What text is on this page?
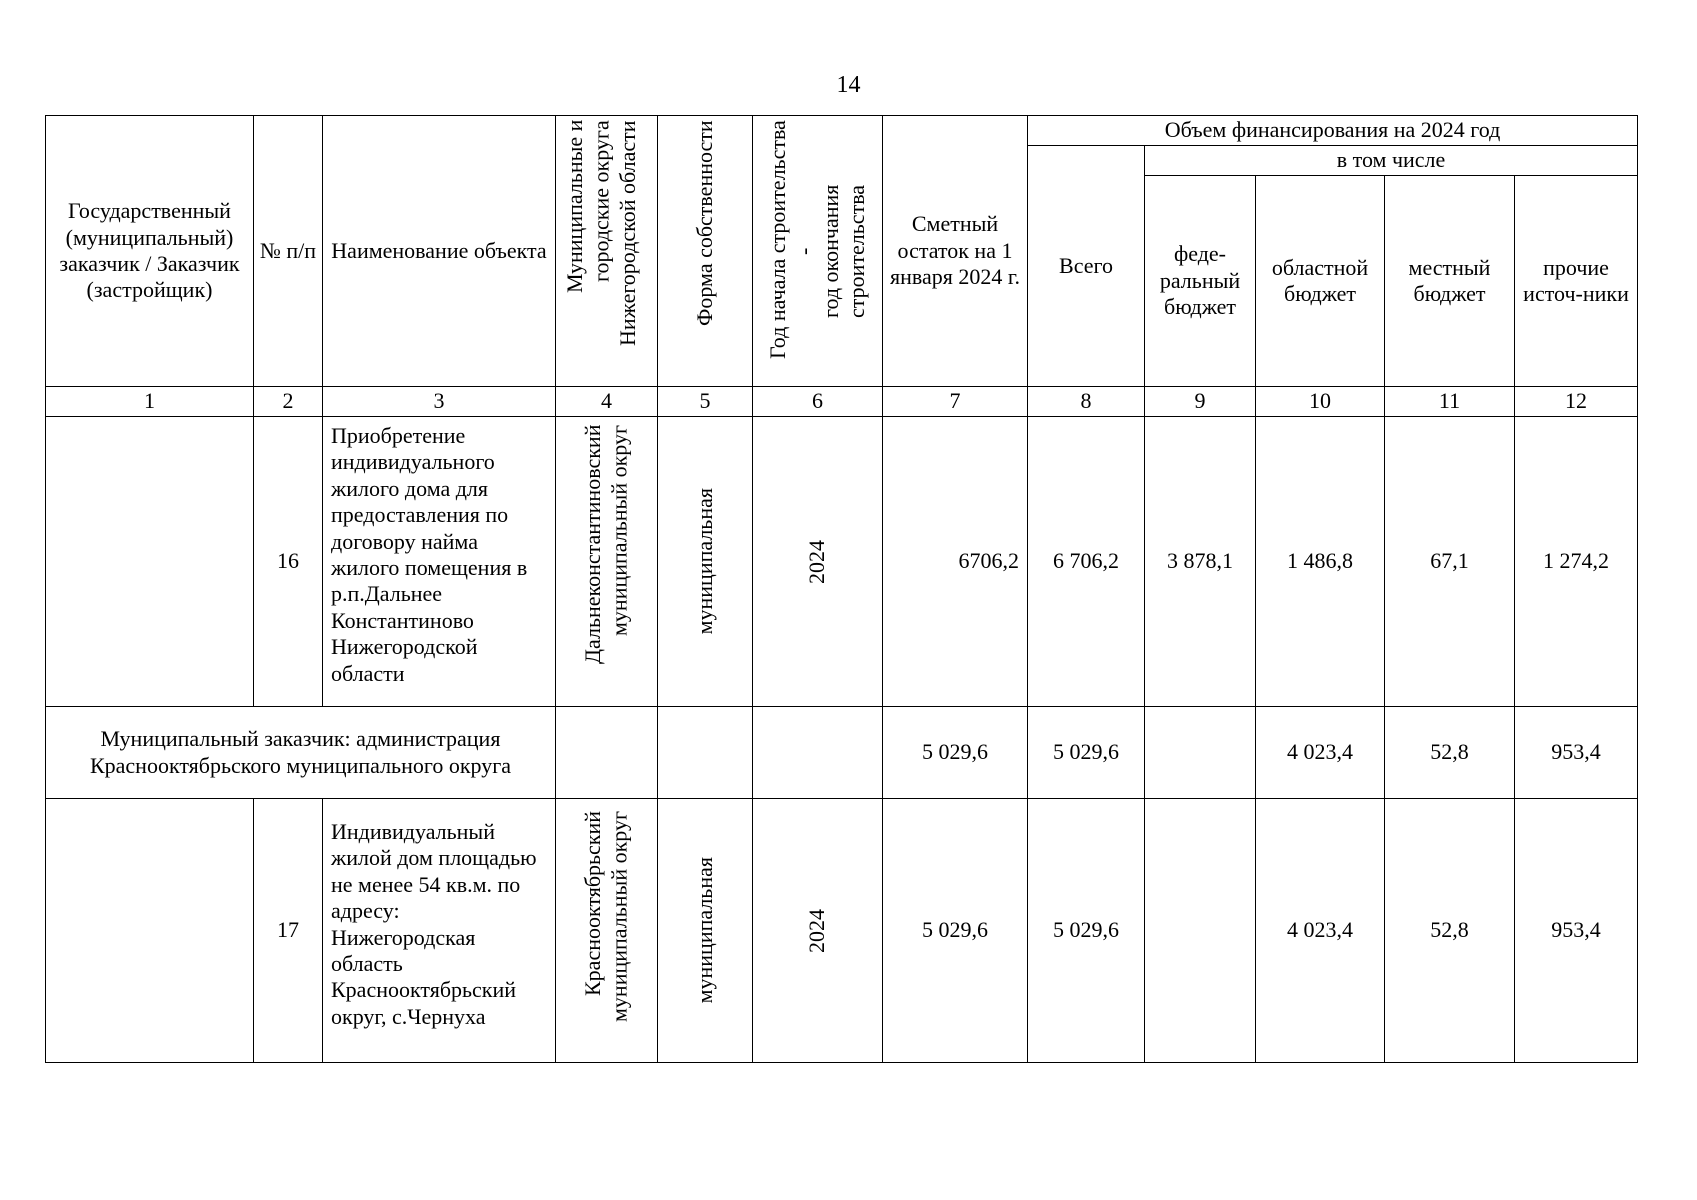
14
Государственный (муниципальный) заказчик / Заказчик (застройщик)	№ п/п	Наименование объекта	Муниципальные и городские округа Нижегородской области	Форма собственности	Год начала строительства - год окончания строительства	Сметный остаток на 1 января 2024 г.	Объем финансирования на 2024 год				
							Всего	в том числе			
								феде-ральный бюджет	областной бюджет	местный бюджет	прочие источ-ники
1	2	3	4	5	6	7	8	9	10	11	12
	16	Приобретение индивидуального жилого дома для предоставления по договору найма жилого помещения в р.п.Дальнее Константиново Нижегородской области	Дальнеконстантиновский муниципальный округ	муниципальная	2024	6706,2	6 706,2	3 878,1	1 486,8	67,1	1 274,2
Муниципальный заказчик: администрация Краснооктябрьского муниципального округа						5 029,6	5 029,6		4 023,4	52,8	953,4
	17	Индивидуальный жилой дом площадью не менее 54 кв.м. по адресу: Нижегородская область Краснооктябрьский округ, с.Чернуха	Краснооктябрьский муниципальный округ	муниципальная	2024	5 029,6	5 029,6		4 023,4	52,8	953,4
